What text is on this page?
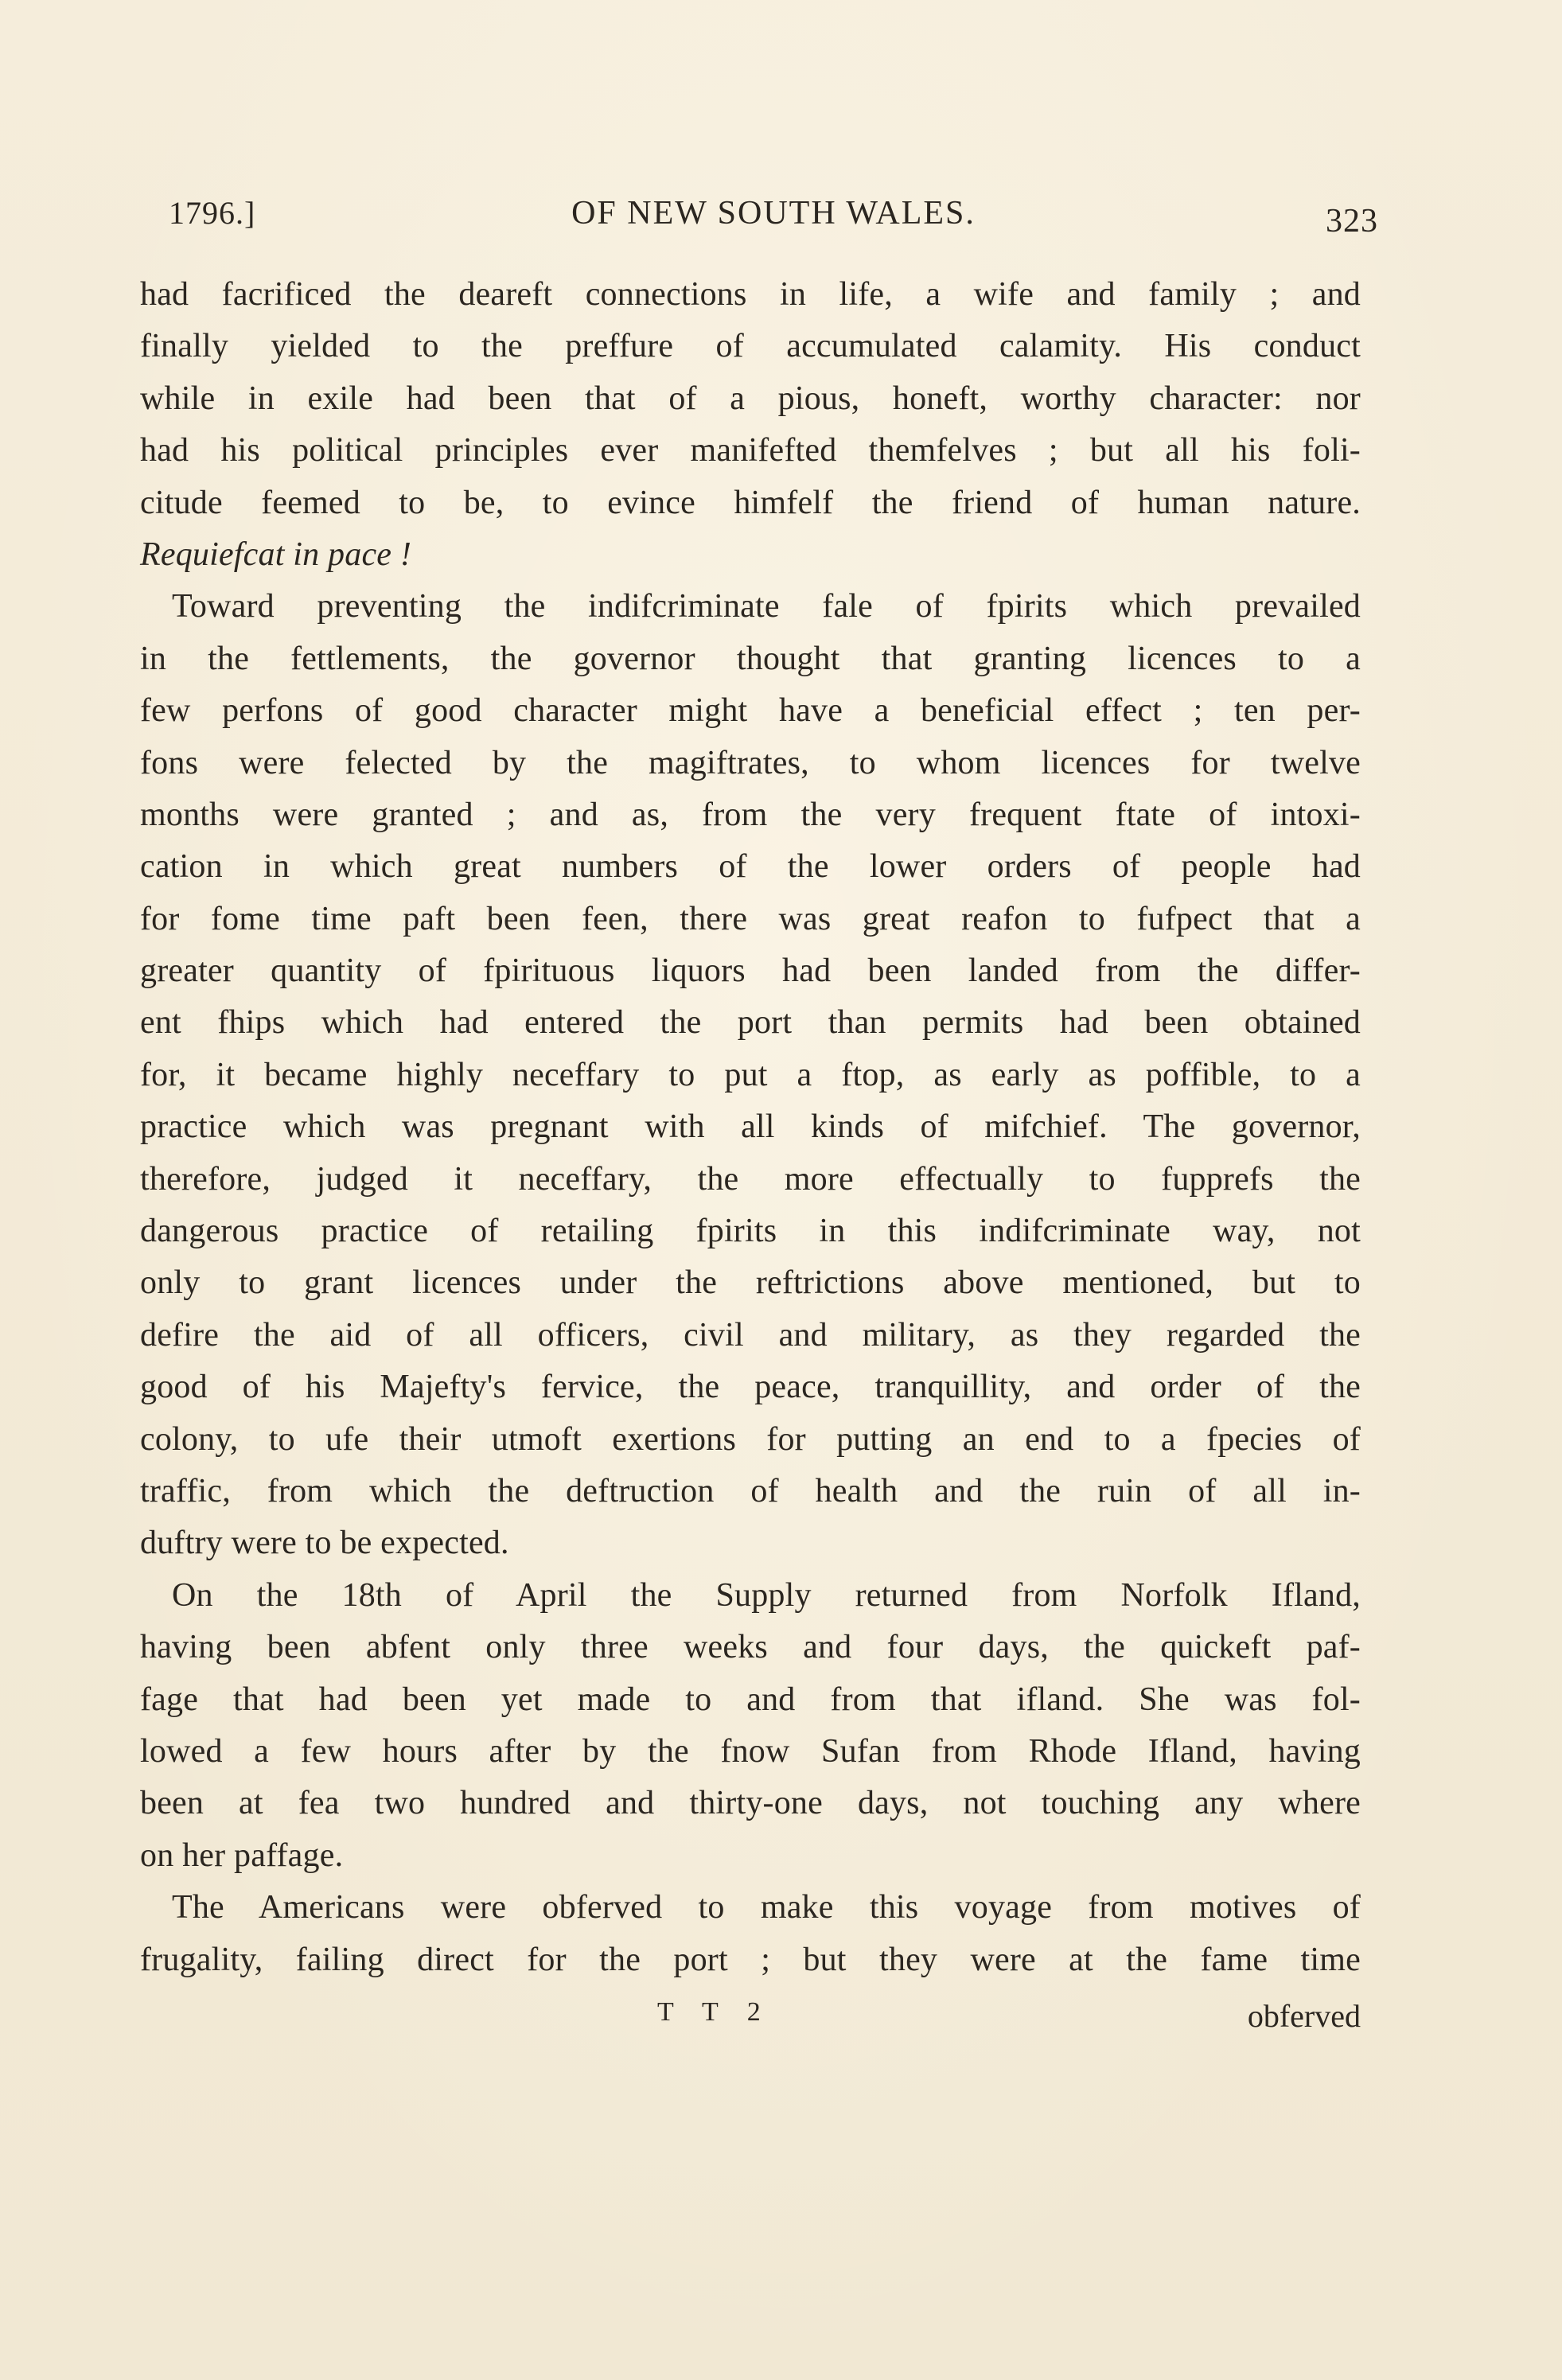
1796.]	OF NEW SOUTH WALES.	323
had facrificed the deareft connections in life, a wife and family ; and
finally yielded to the preffure of accumulated calamity. His conduct
while in exile had been that of a pious, honeft, worthy character: nor
had his political principles ever manifefted themfelves ; but all his foli-
citude feemed to be, to evince himfelf the friend of human nature.
Requiefcat in pace !
Toward preventing the indifcriminate fale of fpirits which prevailed
in the fettlements, the governor thought that granting licences to a
few perfons of good character might have a beneficial effect ; ten per-
fons were felected by the magiftrates, to whom licences for twelve
months were granted ; and as, from the very frequent ftate of intoxi-
cation in which great numbers of the lower orders of people had
for fome time paft been feen, there was great reafon to fufpect that a
greater quantity of fpirituous liquors had been landed from the differ-
ent fhips which had entered the port than permits had been obtained
for, it became highly neceffary to put a ftop, as early as poffible, to a
practice which was pregnant with all kinds of mifchief. The governor,
therefore, judged it neceffary, the more effectually to fupprefs the
dangerous practice of retailing fpirits in this indifcriminate way, not
only to grant licences under the reftrictions above mentioned, but to
defire the aid of all officers, civil and military, as they regarded the
good of his Majefty's fervice, the peace, tranquillity, and order of the
colony, to ufe their utmoft exertions for putting an end to a fpecies of
traffic, from which the deftruction of health and the ruin of all in-
duftry were to be expected.
On the 18th of April the Supply returned from Norfolk Ifland,
having been abfent only three weeks and four days, the quickeft paf-
fage that had been yet made to and from that ifland. She was fol-
lowed a few hours after by the fnow Sufan from Rhode Ifland, having
been at fea two hundred and thirty-one days, not touching any where
on her paffage.
The Americans were obferved to make this voyage from motives of
frugality, failing direct for the port ; but they were at the fame time
T T 2	obferved
